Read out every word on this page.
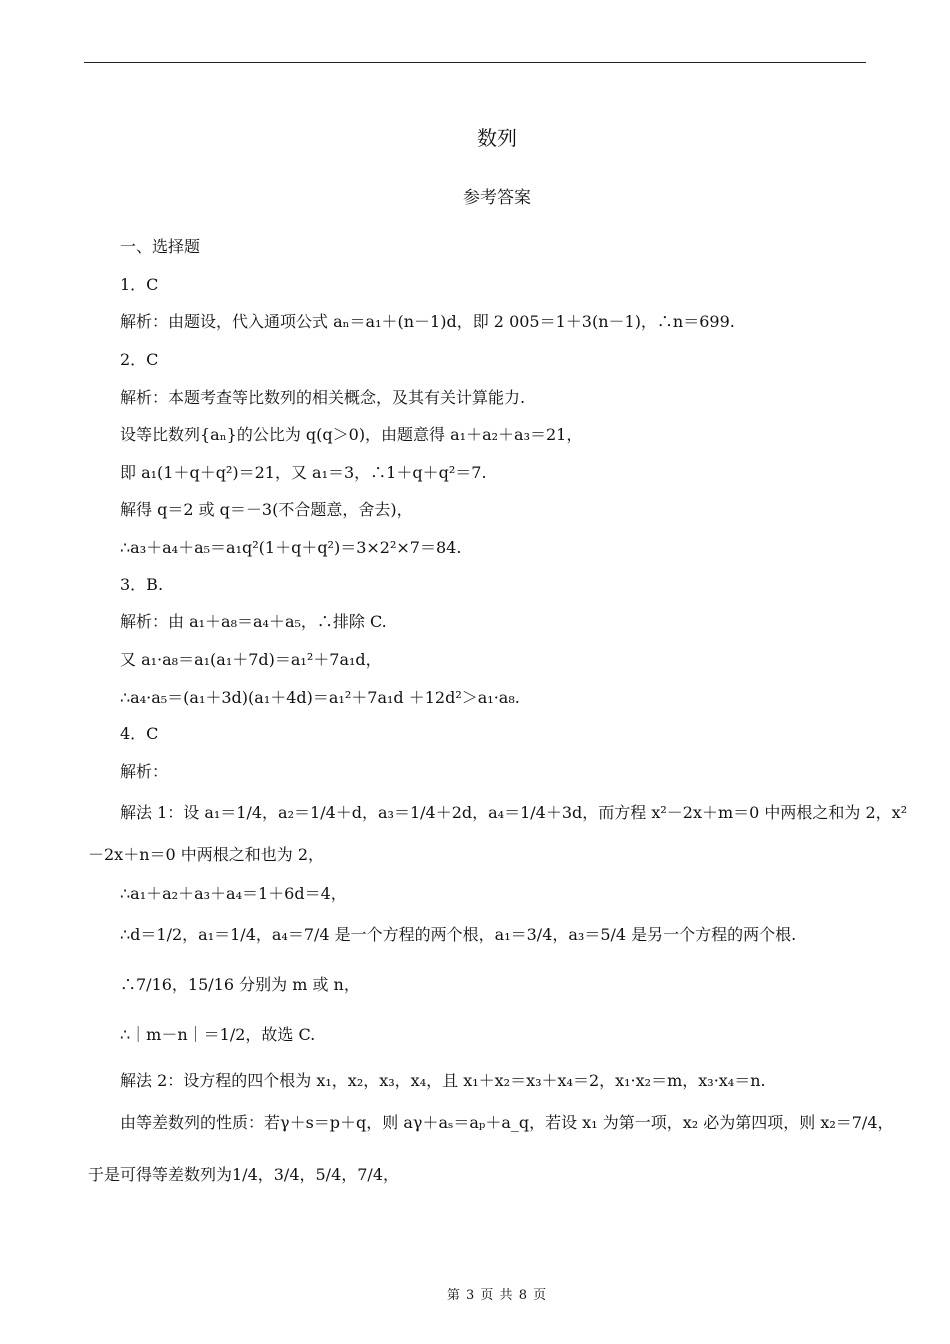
数列
参考答案
一、选择题
1．C
解析：由题设，代入通项公式 aₙ＝a₁＋(n－1)d，即 2 005＝1＋3(n－1)，∴n＝699.
2．C
解析：本题考查等比数列的相关概念，及其有关计算能力.
设等比数列{aₙ}的公比为 q(q＞0)，由题意得 a₁＋a₂＋a₃＝21，
即 a₁(1＋q＋q²)＝21，又 a₁＝3，∴1＋q＋q²＝7.
解得 q＝2 或 q＝－3(不合题意，舍去)，
∴a₃＋a₄＋a₅＝a₁q²(1＋q＋q²)＝3×2²×7＝84.
3．B.
解析：由 a₁＋a₈＝a₄＋a₅，∴排除 C.
又 a₁·a₈＝a₁(a₁＋7d)＝a₁²＋7a₁d，
∴a₄·a₅＝(a₁＋3d)(a₁＋4d)＝a₁²＋7a₁d ＋12d²＞a₁·a₈.
4．C
解析：
解法 1：设 a₁＝1/4，a₂＝1/4＋d，a₃＝1/4＋2d，a₄＝1/4＋3d，而方程 x²－2x＋m＝0 中两根之和为 2，x²
－2x＋n＝0 中两根之和也为 2，
∴a₁＋a₂＋a₃＋a₄＝1＋6d＝4，
∴d＝1/2，a₁＝1/4，a₄＝7/4 是一个方程的两个根，a₁＝3/4，a₃＝5/4 是另一个方程的两个根.
∴7/16，15/16 分别为 m 或 n，
∴｜m－n｜＝1/2，故选 C.
解法 2：设方程的四个根为 x₁，x₂，x₃，x₄，且 x₁＋x₂＝x₃＋x₄＝2，x₁·x₂＝m，x₃·x₄＝n.
由等差数列的性质：若γ＋s＝p＋q，则 aγ＋aₛ＝aₚ＋a_q，若设 x₁ 为第一项，x₂ 必为第四项，则 x₂＝7/4，
于是可得等差数列为1/4，3/4，5/4，7/4，
第 3 页 共 8 页
